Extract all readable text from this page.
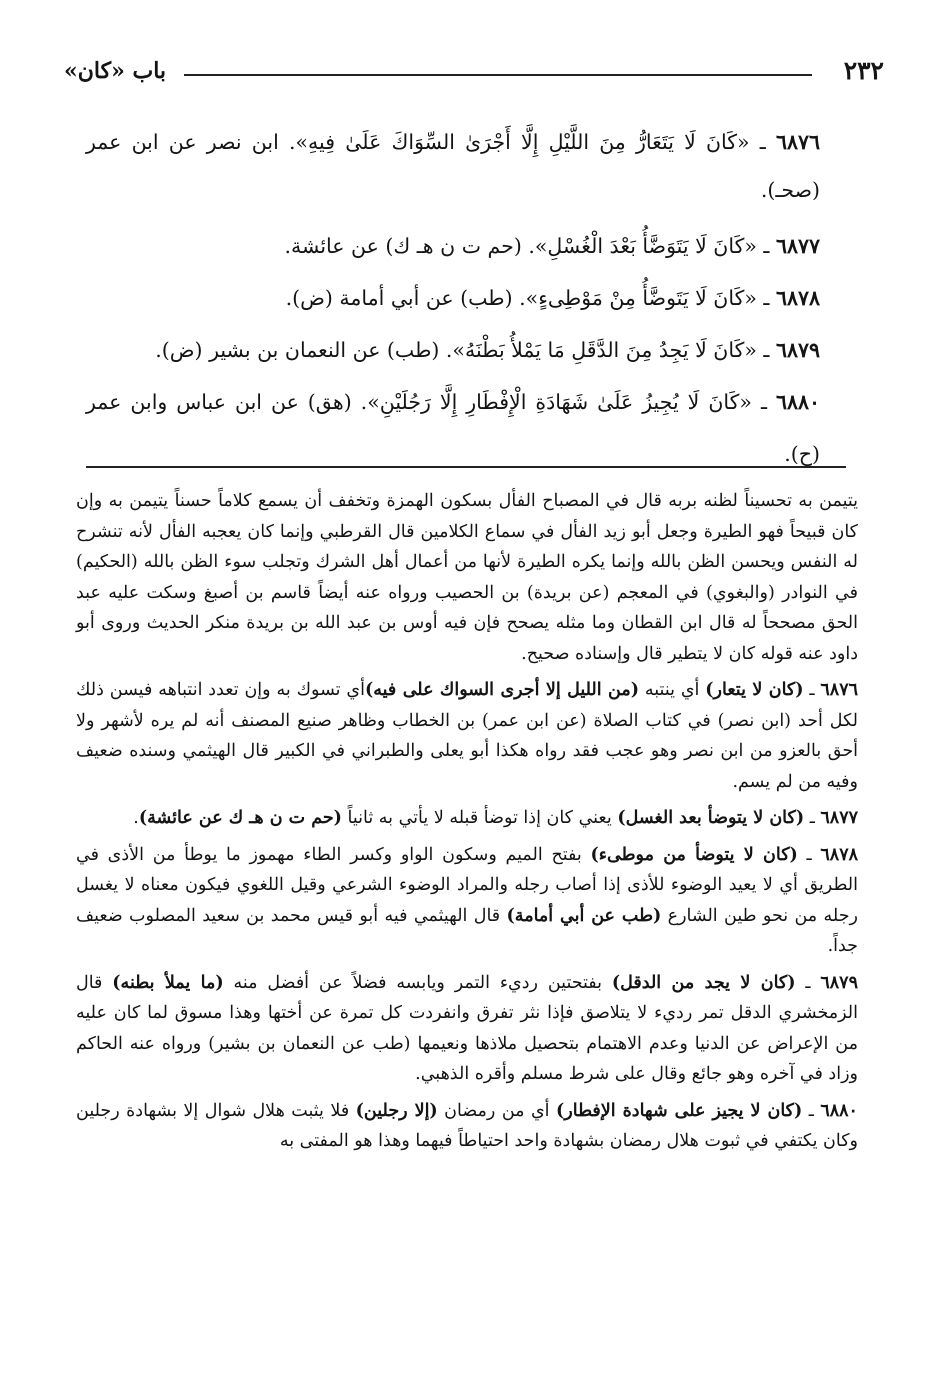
٢٣٢
باب «كان»
٦٨٧٦ ـ «كَانَ لَا يَتَعَارُّ مِنَ اللَّيْلِ إِلَّا أَجْرَىٰ السِّوَاكَ عَلَىٰ فِيهِ». ابن نصر عن ابن عمر (صحـ).
٦٨٧٧ ـ «كَانَ لَا يَتَوَضَّأُ بَعْدَ الْغُسْلِ». (حم ت ن هـ ك) عن عائشة.
٦٨٧٨ ـ «كَانَ لَا يَتَوضَّأُ مِنْ مَوْطِىءٍ». (طب) عن أبي أمامة (ض).
٦٨٧٩ ـ «كَانَ لَا يَجِدُ مِنَ الدَّقَلِ مَا يَمْلأُ بَطْنَهُ». (طب) عن النعمان بن بشير (ض).
٦٨٨٠ ـ «كَانَ لَا يُجِيزُ عَلَىٰ شَهَادَةِ الْإِفْطَارِ إِلَّا رَجُلَيْنِ». (هق) عن ابن عباس وابن عمر (ح).

يتيمن به تحسيناً لظنه بربه قال في المصباح الفأل بسكون الهمزة وتخفف أن يسمع كلاماً حسناً يتيمن به وإن كان قبيحاً فهو الطيرة وجعل أبو زيد الفأل في سماع الكلامين قال القرطبي وإنما كان يعجبه الفأل لأنه تنشرح له النفس ويحسن الظن بالله وإنما يكره الطيرة لأنها من أعمال أهل الشرك وتجلب سوء الظن بالله (الحكيم) في النوادر (والبغوي) في المعجم (عن بريدة) بن الحصيب ورواه عنه أيضاً قاسم بن أصبغ وسكت عليه عبد الحق مصححاً له قال ابن القطان وما مثله يصحح فإن فيه أوس بن عبد الله بن بريدة منكر الحديث وروى أبو داود عنه قوله كان لا يتطير قال وإسناده صحيح.

٦٨٧٦ ـ (كان لا يتعار) أي ينتبه (من الليل إلا أجرى السواك على فيه)أي تسوك به وإن تعدد انتباهه فيسن ذلك لكل أحد (ابن نصر) في كتاب الصلاة (عن ابن عمر) بن الخطاب وظاهر صنيع المصنف أنه لم يره لأشهر ولا أحق بالعزو من ابن نصر وهو عجب فقد رواه هكذا أبو يعلى والطبراني في الكبير قال الهيثمي وسنده ضعيف وفيه من لم يسم.

٦٨٧٧ ـ (كان لا يتوضأ بعد الغسل) يعني كان إذا توضأ قبله لا يأتي به ثانياً (حم ت ن هـ ك عن عائشة).

٦٨٧٨ ـ (كان لا يتوضأ من موطىء) بفتح الميم وسكون الواو وكسر الطاء مهموز ما يوطأ من الأذى في الطريق أي لا يعيد الوضوء للأذى إذا أصاب رجله والمراد الوضوء الشرعي وقيل اللغوي فيكون معناه لا يغسل رجله من نحو طين الشارع (طب عن أبي أمامة) قال الهيثمي فيه أبو قيس محمد بن سعيد المصلوب ضعيف جداً.

٦٨٧٩ ـ (كان لا يجد من الدقل) بفتحتين رديء التمر ويابسه فضلاً عن أفضل منه (ما يملأ بطنه) قال الزمخشري الدقل تمر رديء لا يتلاصق فإذا نثر تفرق وانفردت كل تمرة عن أختها وهذا مسوق لما كان عليه من الإعراض عن الدنيا وعدم الاهتمام بتحصيل ملاذها ونعيمها (طب عن النعمان بن بشير) ورواه عنه الحاكم وزاد في آخره وهو جائع وقال على شرط مسلم وأقره الذهبي.

٦٨٨٠ ـ (كان لا يجيز على شهادة الإفطار) أي من رمضان (إلا رجلين) فلا يثبت هلال شوال إلا بشهادة رجلين وكان يكتفي في ثبوت هلال رمضان بشهادة واحد احتياطاً فيهما وهذا هو المفتى به
